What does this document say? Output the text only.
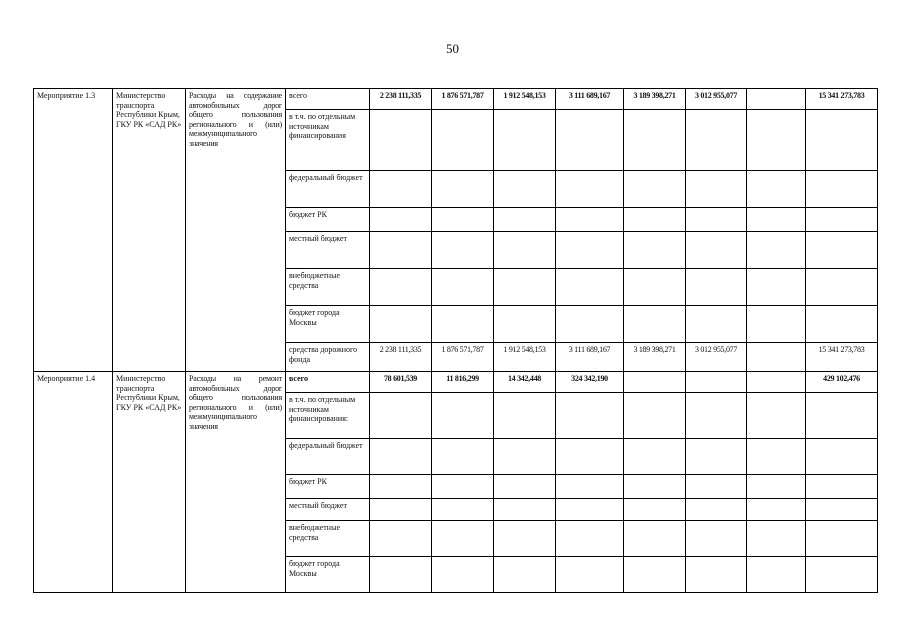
50
Мероприятие 1.3	Министерство транспорта Республики Крым, ГКУ РК «САД РК»	Расходы на содержание автомобильных дорог общего пользования регионального и (или) межмуниципального значения	всего	2 238 111,335	1 876 571,787	1 912 548,153	3 111 689,167	3 189 398,271	3 012 955,077		15 341 273,783
			в т.ч. по отдельным источникам финансирования								
			федеральный бюджет								
			бюджет РК								
			местный бюджет								
			внебюджетные средства								
			бюджет города Москвы								
			средства дорожного фонда	2 238 111,335	1 876 571,787	1 912 548,153	3 111 689,167	3 189 398,271	3 012 955,077		15 341 273,783
Мероприятие 1.4	Министерство транспорта Республики Крым, ГКУ РК «САД РК»	Расходы на ремонт автомобильных дорог общего пользования регионального и (или) межмуниципального значения	всего	78 601,539	11 816,299	14 342,448	324 342,190				429 102,476
			в т.ч. по отдельным источникам финансирования:								
			федеральный бюджет								
			бюджет РК								
			местный бюджет								
			внебюджетные средства								
			бюджет города Москвы								
